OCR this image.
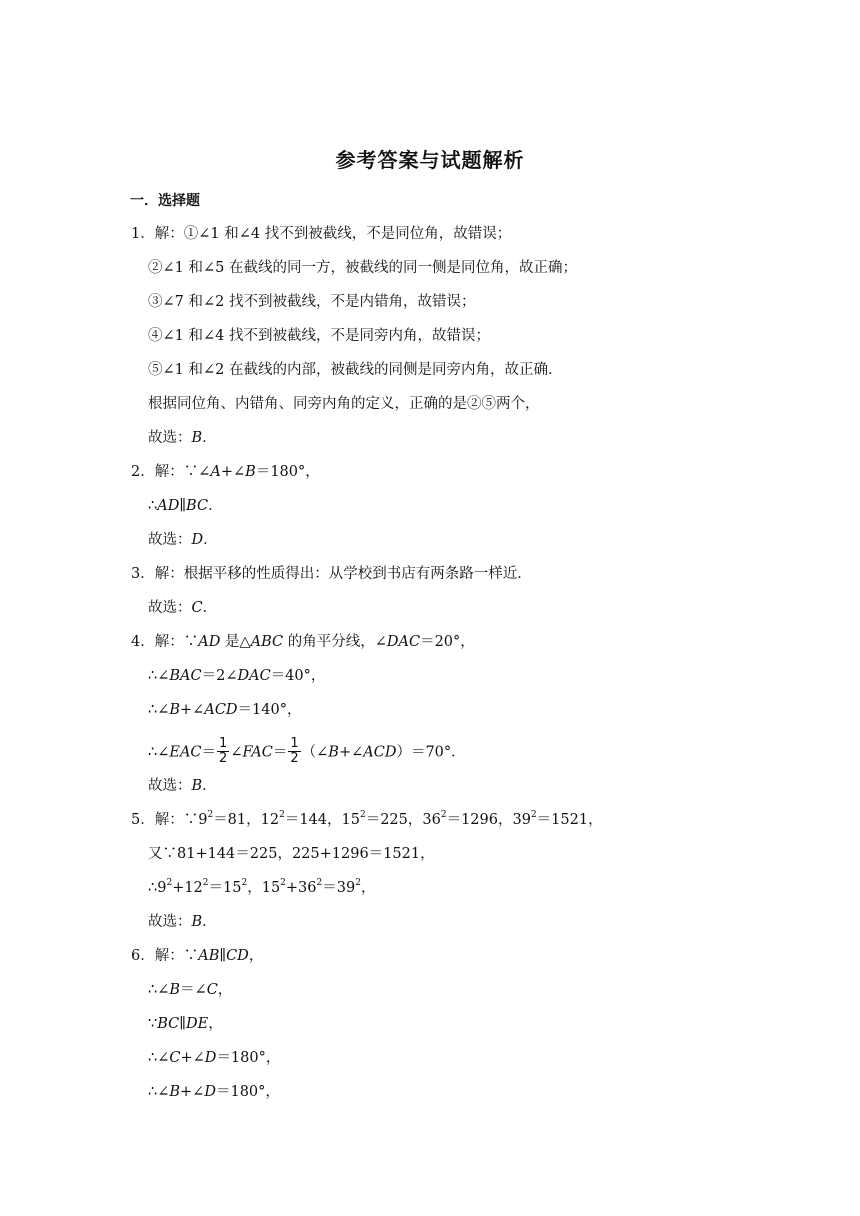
参考答案与试题解析
一．选择题
1．解：①∠1 和∠4 找不到被截线，不是同位角，故错误；
②∠1 和∠5 在截线的同一方，被截线的同一侧是同位角，故正确；
③∠7 和∠2 找不到被截线，不是内错角，故错误；
④∠1 和∠4 找不到被截线，不是同旁内角，故错误；
⑤∠1 和∠2 在截线的内部，被截线的同侧是同旁内角，故正确．
根据同位角、内错角、同旁内角的定义，正确的是②⑤两个，
故选：B．
2．解：∵∠A+∠B＝180°，
∴AD∥BC．
故选：D．
3．解：根据平移的性质得出：从学校到书店有两条路一样近．
故选：C．
4．解：∵AD 是△ABC 的角平分线，∠DAC＝20°，
∴∠BAC＝2∠DAC＝40°，
∴∠B+∠ACD＝140°，
∴∠EAC＝ $\frac{1}{2}$ ∠FAC＝ $\frac{1}{2}$ （∠B+∠ACD）＝70°．
故选：B．
5．解：$\because 9^2=81$，$12^2=144$，$15^2=225$，$36^2=1296$，$39^2=1521$，
又∵81+144＝225，225+1296＝1521，
$\therefore 9^2+12^2=15^2$，$15^2+36^2=39^2$，
故选：B．
6．解：∵AB∥CD，
∴∠B＝∠C，
∵BC∥DE，
∴∠C+∠D＝180°，
∴∠B+∠D＝180°，
